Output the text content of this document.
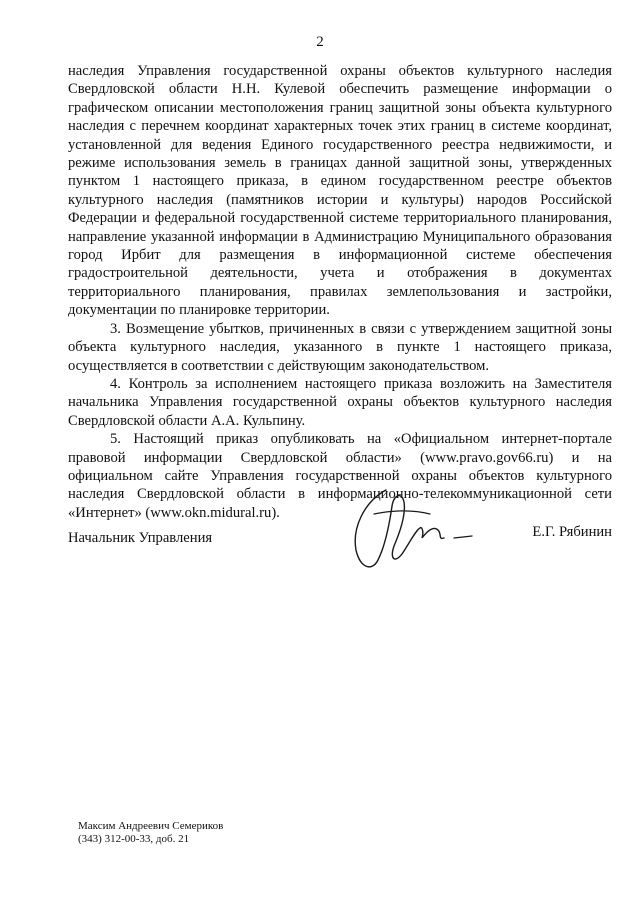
2

наследия Управления государственной охраны объектов культурного наследия Свердловской области Н.Н. Кулевой обеспечить размещение информации о графическом описании местоположения границ защитной зоны объекта культурного наследия с перечнем координат характерных точек этих границ в системе координат, установленной для ведения Единого государственного реестра недвижимости, и режиме использования земель в границах данной защитной зоны, утвержденных пунктом 1 настоящего приказа, в едином государственном реестре объектов культурного наследия (памятников истории и культуры) народов Российской Федерации и федеральной государственной системе территориального планирования, направление указанной информации в Администрацию Муниципального образования город Ирбит для размещения в информационной системе обеспечения градостроительной деятельности, учета и отображения в документах территориального планирования, правилах землепользования и застройки, документации по планировке территории.

3. Возмещение убытков, причиненных в связи с утверждением защитной зоны объекта культурного наследия, указанного в пункте 1 настоящего приказа, осуществляется в соответствии с действующим законодательством.

4. Контроль за исполнением настоящего приказа возложить на Заместителя начальника Управления государственной охраны объектов культурного наследия Свердловской области А.А. Кульпину.

5. Настоящий приказ опубликовать на «Официальном интернет-портале правовой информации Свердловской области» (www.pravo.gov66.ru) и на официальном сайте Управления государственной охраны объектов культурного наследия Свердловской области в информационно-телекоммуникационной сети «Интернет» (www.okn.midural.ru).

Начальник Управления	Е.Г. Рябинин
Максим Андреевич Семериков
(343) 312-00-33, доб. 21
